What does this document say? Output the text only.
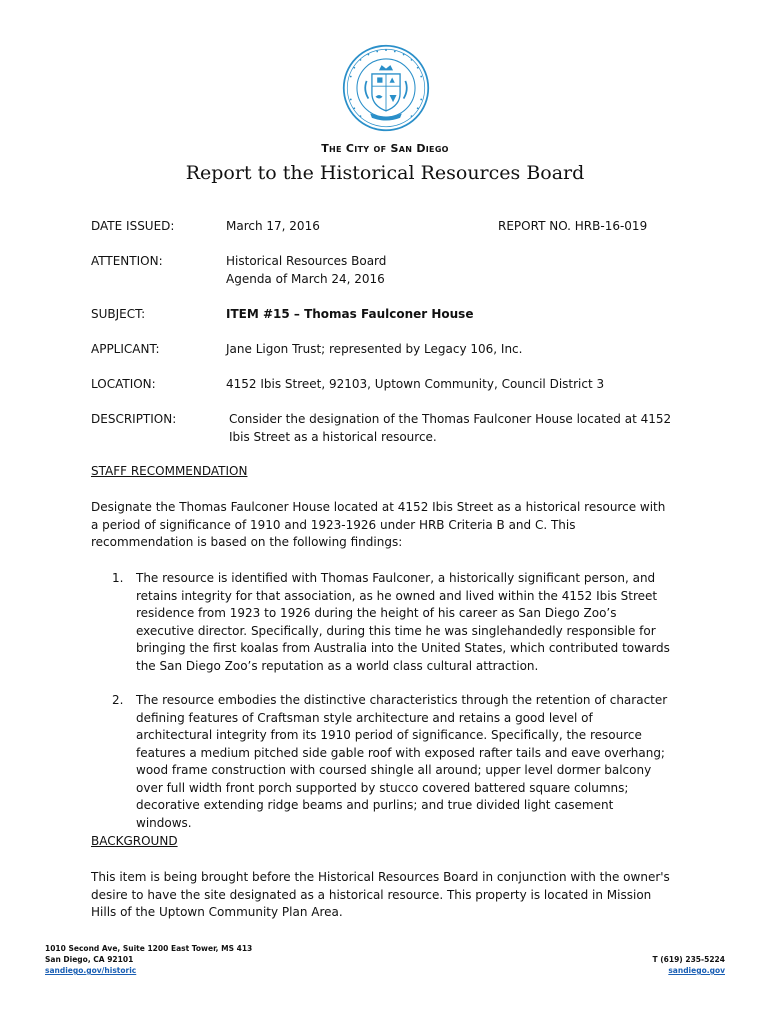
The City of San Diego
Report to the Historical Resources Board
DATE ISSUED:	March 17, 2016	REPORT NO. HRB-16-019
ATTENTION:	Historical Resources Board
Agenda of March 24, 2016
SUBJECT:	ITEM #15 – Thomas Faulconer House
APPLICANT:	Jane Ligon Trust; represented by Legacy 106, Inc.
LOCATION:	4152 Ibis Street, 92103, Uptown Community, Council District 3
DESCRIPTION:	Consider the designation of the Thomas Faulconer House located at 4152
Ibis Street as a historical resource.
STAFF RECOMMENDATION
Designate the Thomas Faulconer House located at 4152 Ibis Street as a historical resource with a period of significance of 1910 and 1923-1926 under HRB Criteria B and C. This recommendation is based on the following findings:
1. The resource is identified with Thomas Faulconer, a historically significant person, and retains integrity for that association, as he owned and lived within the 4152 Ibis Street residence from 1923 to 1926 during the height of his career as San Diego Zoo’s executive director. Specifically, during this time he was singlehandedly responsible for bringing the first koalas from Australia into the United States, which contributed towards the San Diego Zoo’s reputation as a world class cultural attraction.
2. The resource embodies the distinctive characteristics through the retention of character defining features of Craftsman style architecture and retains a good level of architectural integrity from its 1910 period of significance. Specifically, the resource features a medium pitched side gable roof with exposed rafter tails and eave overhang; wood frame construction with coursed shingle all around; upper level dormer balcony over full width front porch supported by stucco covered battered square columns; decorative extending ridge beams and purlins; and true divided light casement windows.
BACKGROUND
This item is being brought before the Historical Resources Board in conjunction with the owner's desire to have the site designated as a historical resource. This property is located in Mission Hills of the Uptown Community Plan Area.
1010 Second Ave, Suite 1200 East Tower, MS 413
San Diego, CA 92101
sandiego.gov/historic
T (619) 235-5224
sandiego.gov
